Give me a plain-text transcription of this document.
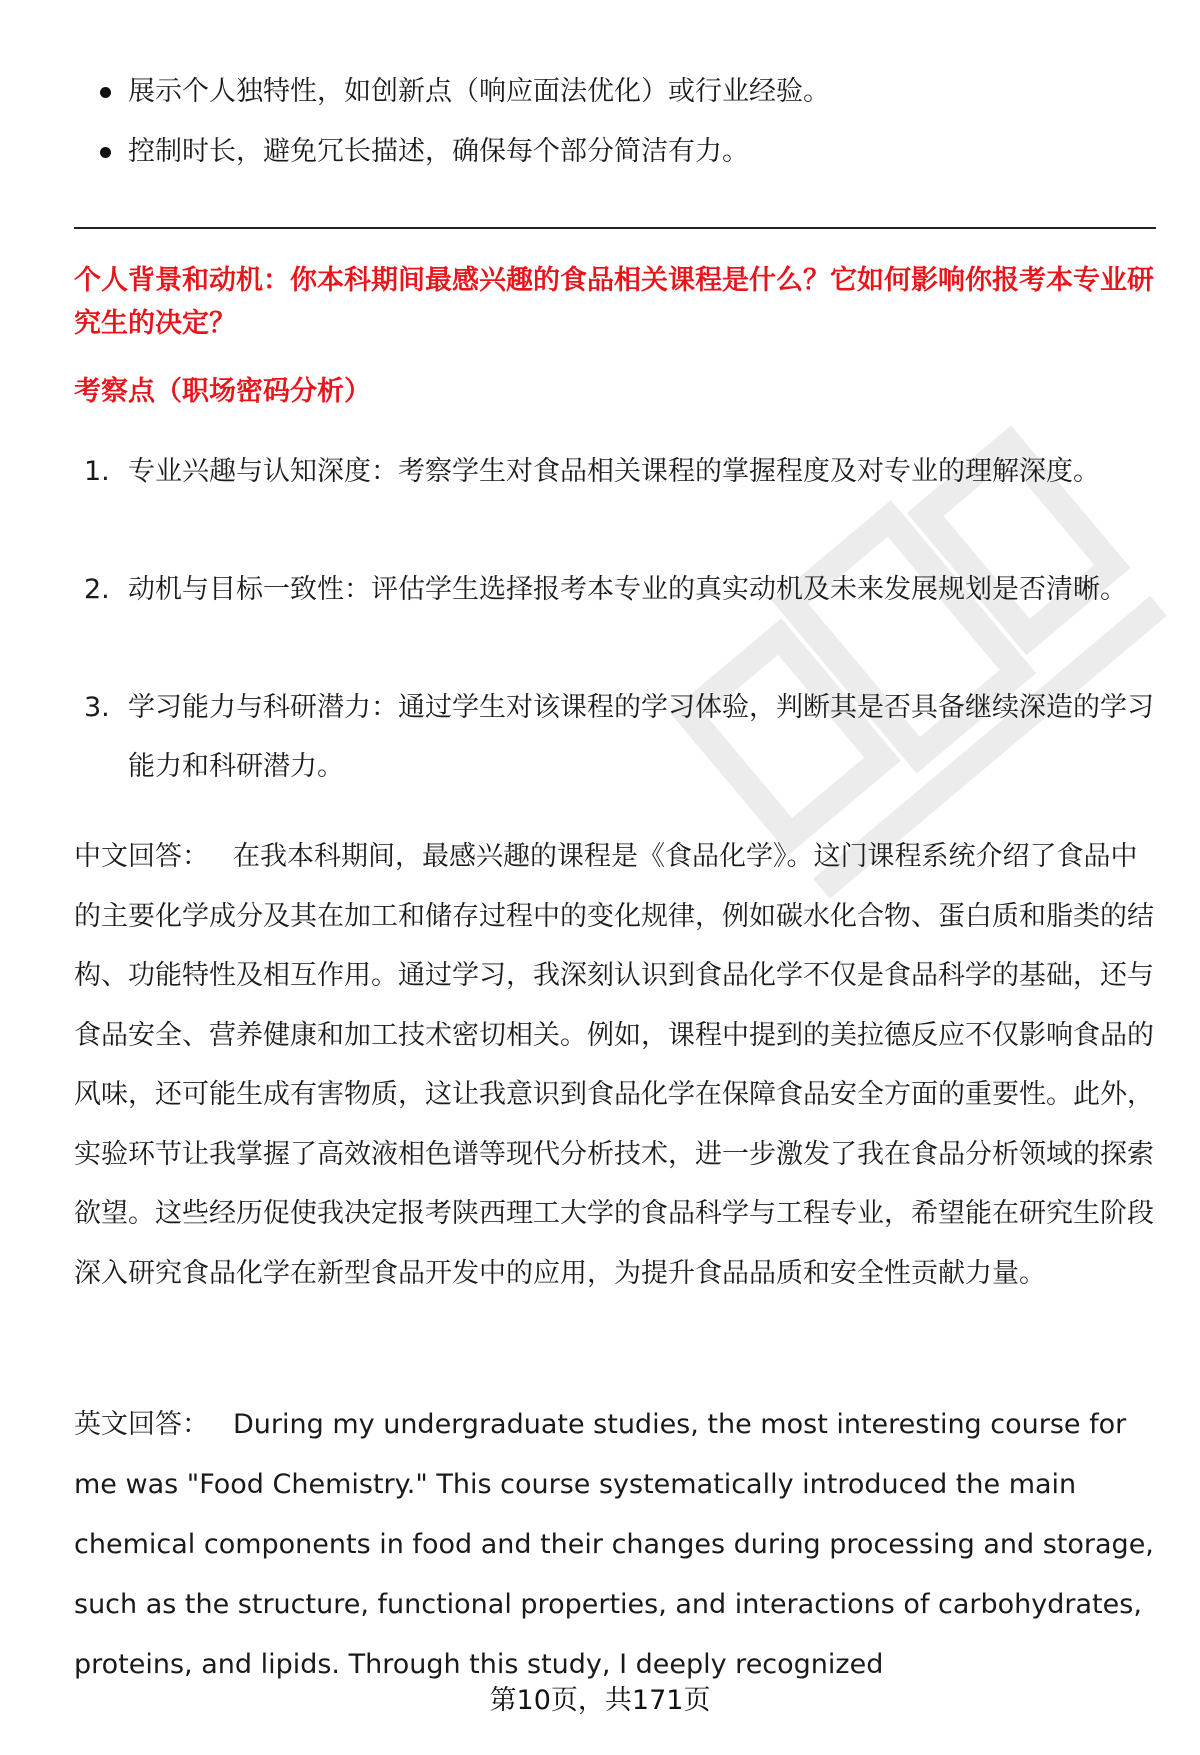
展示个人独特性，如创新点（响应面法优化）或行业经验。
控制时长，避免冗长描述，确保每个部分简洁有力。
个人背景和动机：你本科期间最感兴趣的食品相关课程是什么？它如何影响你报考本专业研究生的决定？
考察点（职场密码分析）
1. 专业兴趣与认知深度：考察学生对食品相关课程的掌握程度及对专业的理解深度。
2. 动机与目标一致性：评估学生选择报考本专业的真实动机及未来发展规划是否清晰。
3. 学习能力与科研潜力：通过学生对该课程的学习体验，判断其是否具备继续深造的学习能力和科研潜力。

中文回答： 在我本科期间，最感兴趣的课程是《食品化学》。这门课程系统介绍了食品中的主要化学成分及其在加工和储存过程中的变化规律，例如碳水化合物、蛋白质和脂类的结构、功能特性及相互作用。通过学习，我深刻认识到食品化学不仅是食品科学的基础，还与食品安全、营养健康和加工技术密切相关。例如，课程中提到的美拉德反应不仅影响食品的风味，还可能生成有害物质，这让我意识到食品化学在保障食品安全方面的重要性。此外，实验环节让我掌握了高效液相色谱等现代分析技术，进一步激发了我在食品分析领域的探索欲望。这些经历促使我决定报考陕西理工大学的食品科学与工程专业，希望能在研究生阶段深入研究食品化学在新型食品开发中的应用，为提升食品品质和安全性贡献力量。

英文回答： During my undergraduate studies, the most interesting course for me was "Food Chemistry." This course systematically introduced the main chemical components in food and their changes during processing and storage, such as the structure, functional properties, and interactions of carbohydrates, proteins, and lipids. Through this study, I deeply recognized

第10页，共171页
